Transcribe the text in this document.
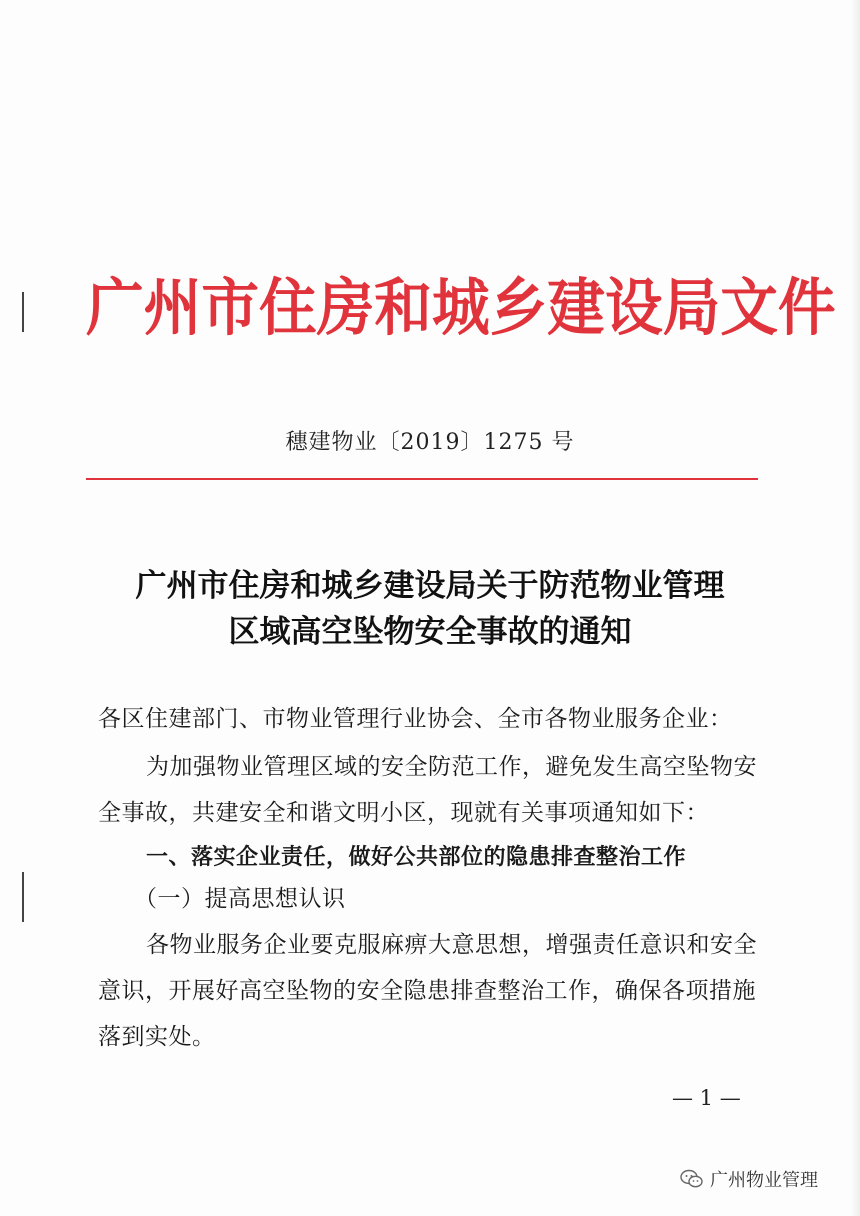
广州市住房和城乡建设局文件
穗建物业〔2019〕1275 号
广州市住房和城乡建设局关于防范物业管理
区域高空坠物安全事故的通知
各区住建部门、市物业管理行业协会、全市各物业服务企业：
为加强物业管理区域的安全防范工作，避免发生高空坠物安
全事故，共建安全和谐文明小区，现就有关事项通知如下：
一、落实企业责任，做好公共部位的隐患排查整治工作
（一）提高思想认识
各物业服务企业要克服麻痹大意思想，增强责任意识和安全
意识，开展好高空坠物的安全隐患排查整治工作，确保各项措施
落到实处。
— 1 —
广州物业管理
